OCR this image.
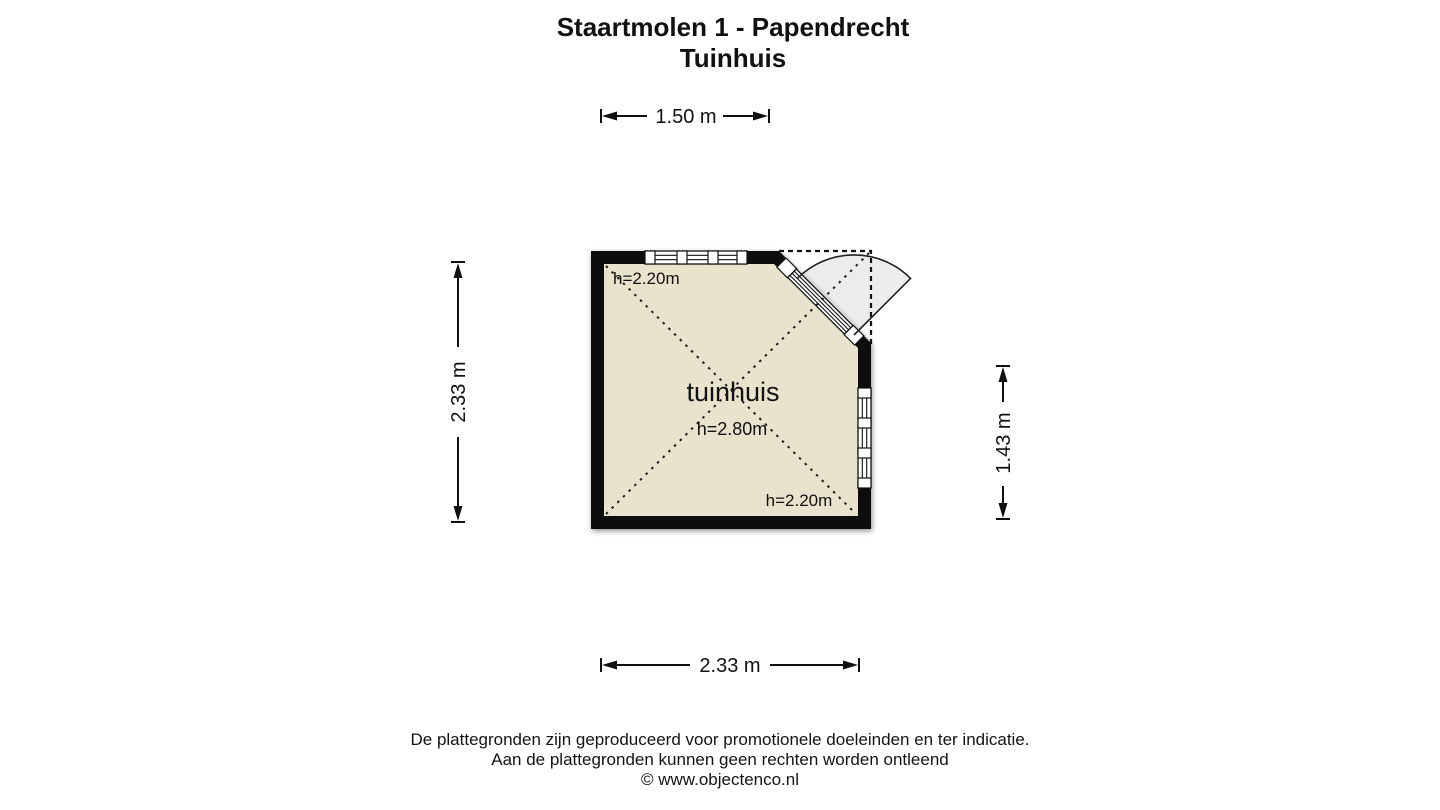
Staartmolen 1 - Papendrecht
Tuinhuis
h=2.20m
tuinhuis
h=2.80m
h=2.20m
1.50 m
2.33 m
2.33 m
1.43 m
De plattegronden zijn geproduceerd voor promotionele doeleinden en ter indicatie.
Aan de plattegronden kunnen geen rechten worden ontleend
© www.objectenco.nl
